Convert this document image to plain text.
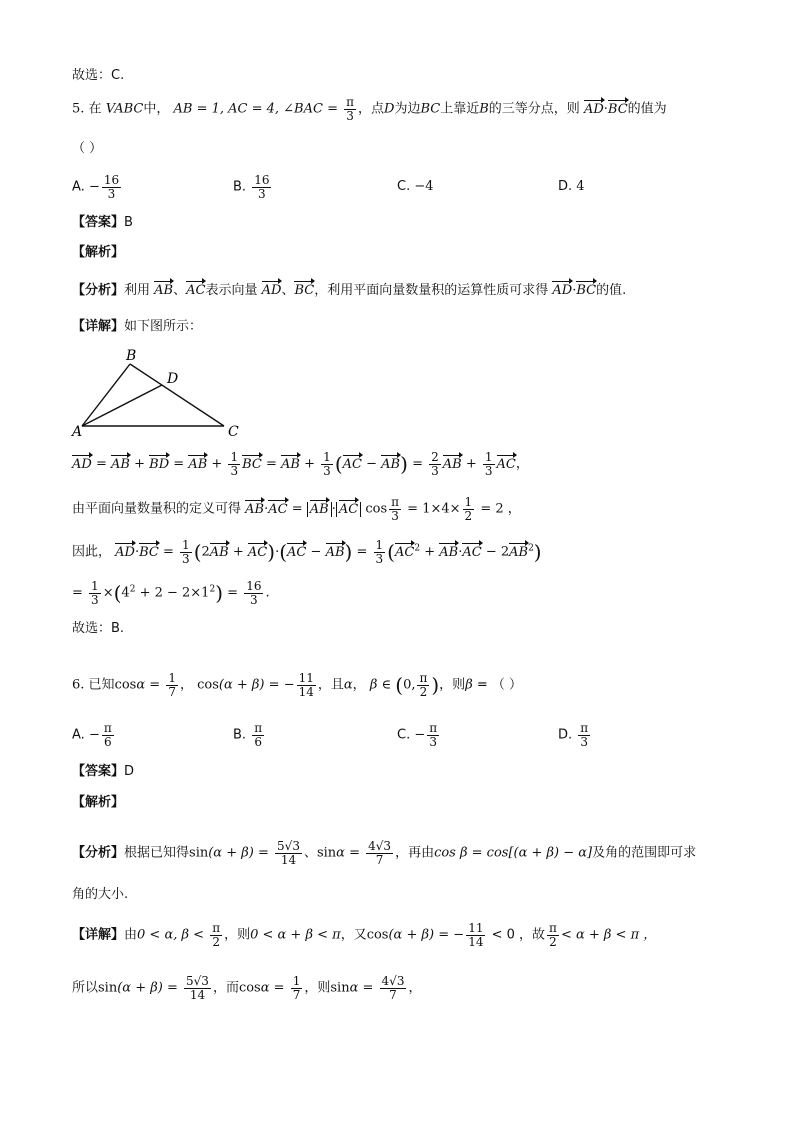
故选：C.
5. 在 VABC中， AB = 1, AC = 4, ∠BAC = $\frac{\pi}{3}$ ，点D为边BC上靠近B的三等分点，则 AD·BC的值为
（ ）
A. − $\frac{16}{3}$	B. $\frac{16}{3}$	C. −4	D. 4
【答案】B
【解析】
【分析】利用 AB、AC表示向量 AD、BC，利用平面向量数量积的运算性质可求得 AD·BC的值.
【详解】如下图所示：
B
D
A	C
AD = AB + BD = AB + $\frac{1}{3}$ BC = AB + $\frac{1}{3} (AC - AB) = \frac{2}{3}$ AB + $\frac{1}{3}$ AC，
由平面向量数量积的定义可得 AB·AC = AB · AC $\cos \frac{\pi}{3} = 1\times 4\times \frac{1}{2} = 2$ ，
因此， $AD\cdot BC = \frac{1}{3} (2AB + AC)\cdot(AC - AB) = \frac{1}{3} (AC^2 + AB\cdot AC - 2AB^2)$
= $\frac{1}{3} \times(4^2 + 2 - 2\times 1^2) = \frac{16}{3}$ .
故选：B.
6. 已知$\cos\alpha = \frac{1}{7}$ ， cos(α + β) = − $\frac{11}{14}$ ，且α， β ∈ (0, $\frac{\pi}{2}$ )，则β = （ ）
A. − $\frac{\pi}{6}$	B. $\frac{\pi}{6}$	C. − $\frac{\pi}{3}$	D. $\frac{\pi}{3}$
【答案】D
【解析】
【分析】根据已知得$\sin(\alpha + \beta) = \frac{5√3}{14}$ 、$\sin\alpha = \frac{4√3}{7}$ ，再由cos β = cos[(α + β) − α]及角的范围即可求
角的大小.
【详解】由0 < α, $\beta < \frac{\pi}{2}$ ，则0 < α + β < π，又cos(α + β) = − $\frac{11}{14} < 0$ ，故 $\frac{\pi}{2} < \alpha + \beta < \pi$ ，
所以$\sin(\alpha + \beta) = \frac{5√3}{14}$ ，而$\cos\alpha = \frac{1}{7}$ ，则$\sin\alpha = \frac{4√3}{7}$ ，
